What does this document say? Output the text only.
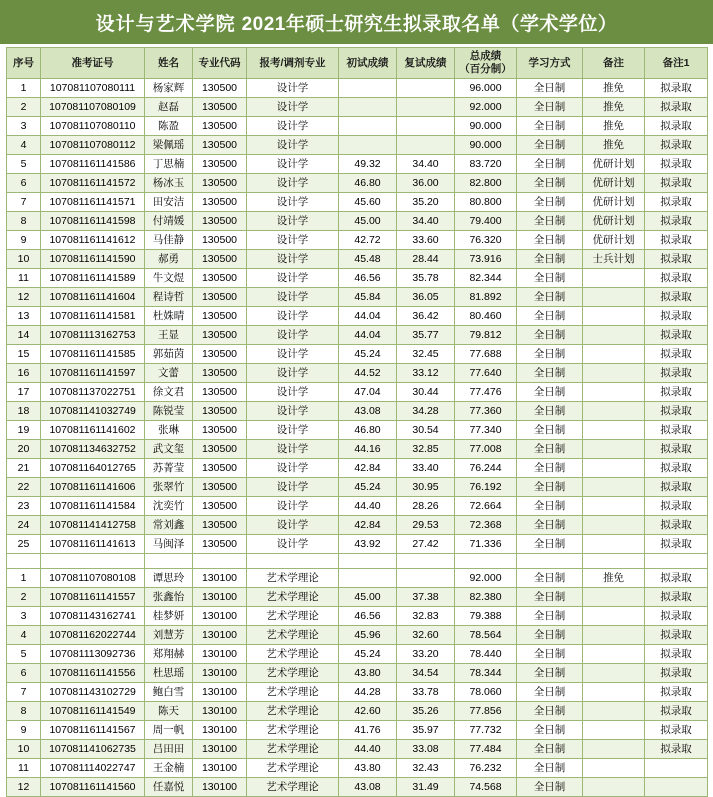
设计与艺术学院 2021年硕士研究生拟录取名单（学术学位）
序号	准考证号	姓名	专业代码	报考/调剂专业	初试成绩	复试成绩	总成绩
（百分制）	学习方式	备注	备注1
1	107081107080111	杨家辉	130500	设计学			96.000	全日制	推免	拟录取
2	107081107080109	赵磊	130500	设计学			92.000	全日制	推免	拟录取
3	107081107080110	陈盈	130500	设计学			90.000	全日制	推免	拟录取
4	107081107080112	梁佩瑶	130500	设计学			90.000	全日制	推免	拟录取
5	107081161141586	丁思楠	130500	设计学	49.32	34.40	83.720	全日制	优研计划	拟录取
6	107081161141572	杨冰玉	130500	设计学	46.80	36.00	82.800	全日制	优研计划	拟录取
7	107081161141571	田安洁	130500	设计学	45.60	35.20	80.800	全日制	优研计划	拟录取
8	107081161141598	付靖媛	130500	设计学	45.00	34.40	79.400	全日制	优研计划	拟录取
9	107081161141612	马佳静	130500	设计学	42.72	33.60	76.320	全日制	优研计划	拟录取
10	107081161141590	郝勇	130500	设计学	45.48	28.44	73.916	全日制	士兵计划	拟录取
11	107081161141589	牛文煜	130500	设计学	46.56	35.78	82.344	全日制		拟录取
12	107081161141604	程诗哲	130500	设计学	45.84	36.05	81.892	全日制		拟录取
13	107081161141581	杜姝晴	130500	设计学	44.04	36.42	80.460	全日制		拟录取
14	107081113162753	王显	130500	设计学	44.04	35.77	79.812	全日制		拟录取
15	107081161141585	郭茹茵	130500	设计学	45.24	32.45	77.688	全日制		拟录取
16	107081161141597	文蕾	130500	设计学	44.52	33.12	77.640	全日制		拟录取
17	107081137022751	徐文君	130500	设计学	47.04	30.44	77.476	全日制		拟录取
18	107081141032749	陈锐莹	130500	设计学	43.08	34.28	77.360	全日制		拟录取
19	107081161141602	张琳	130500	设计学	46.80	30.54	77.340	全日制		拟录取
20	107081134632752	武文玺	130500	设计学	44.16	32.85	77.008	全日制		拟录取
21	107081164012765	苏菁莹	130500	设计学	42.84	33.40	76.244	全日制		拟录取
22	107081161141606	张翠竹	130500	设计学	45.24	30.95	76.192	全日制		拟录取
23	107081161141584	沈奕竹	130500	设计学	44.40	28.26	72.664	全日制		拟录取
24	107081141412758	常刘鑫	130500	设计学	42.84	29.53	72.368	全日制		拟录取
25	107081161141613	马闽泽	130500	设计学	43.92	27.42	71.336	全日制		拟录取

1	107081107080108	谭思玲	130100	艺术学理论			92.000	全日制	推免	拟录取
2	107081161141557	张鑫怡	130100	艺术学理论	45.00	37.38	82.380	全日制		拟录取
3	107081143162741	桂梦妍	130100	艺术学理论	46.56	32.83	79.388	全日制		拟录取
4	107081162022744	刘慧芳	130100	艺术学理论	45.96	32.60	78.564	全日制		拟录取
5	107081113092736	郑翔赫	130100	艺术学理论	45.24	33.20	78.440	全日制		拟录取
6	107081161141556	杜思瑶	130100	艺术学理论	43.80	34.54	78.344	全日制		拟录取
7	107081143102729	鲍白雪	130100	艺术学理论	44.28	33.78	78.060	全日制		拟录取
8	107081161141549	陈天	130100	艺术学理论	42.60	35.26	77.856	全日制		拟录取
9	107081161141567	周一帆	130100	艺术学理论	41.76	35.97	77.732	全日制		拟录取
10	107081141062735	吕田田	130100	艺术学理论	44.40	33.08	77.484	全日制		拟录取
11	107081114022747	王金楠	130100	艺术学理论	43.80	32.43	76.232	全日制		
12	107081161141560	任嘉悦	130100	艺术学理论	43.08	31.49	74.568	全日制		
